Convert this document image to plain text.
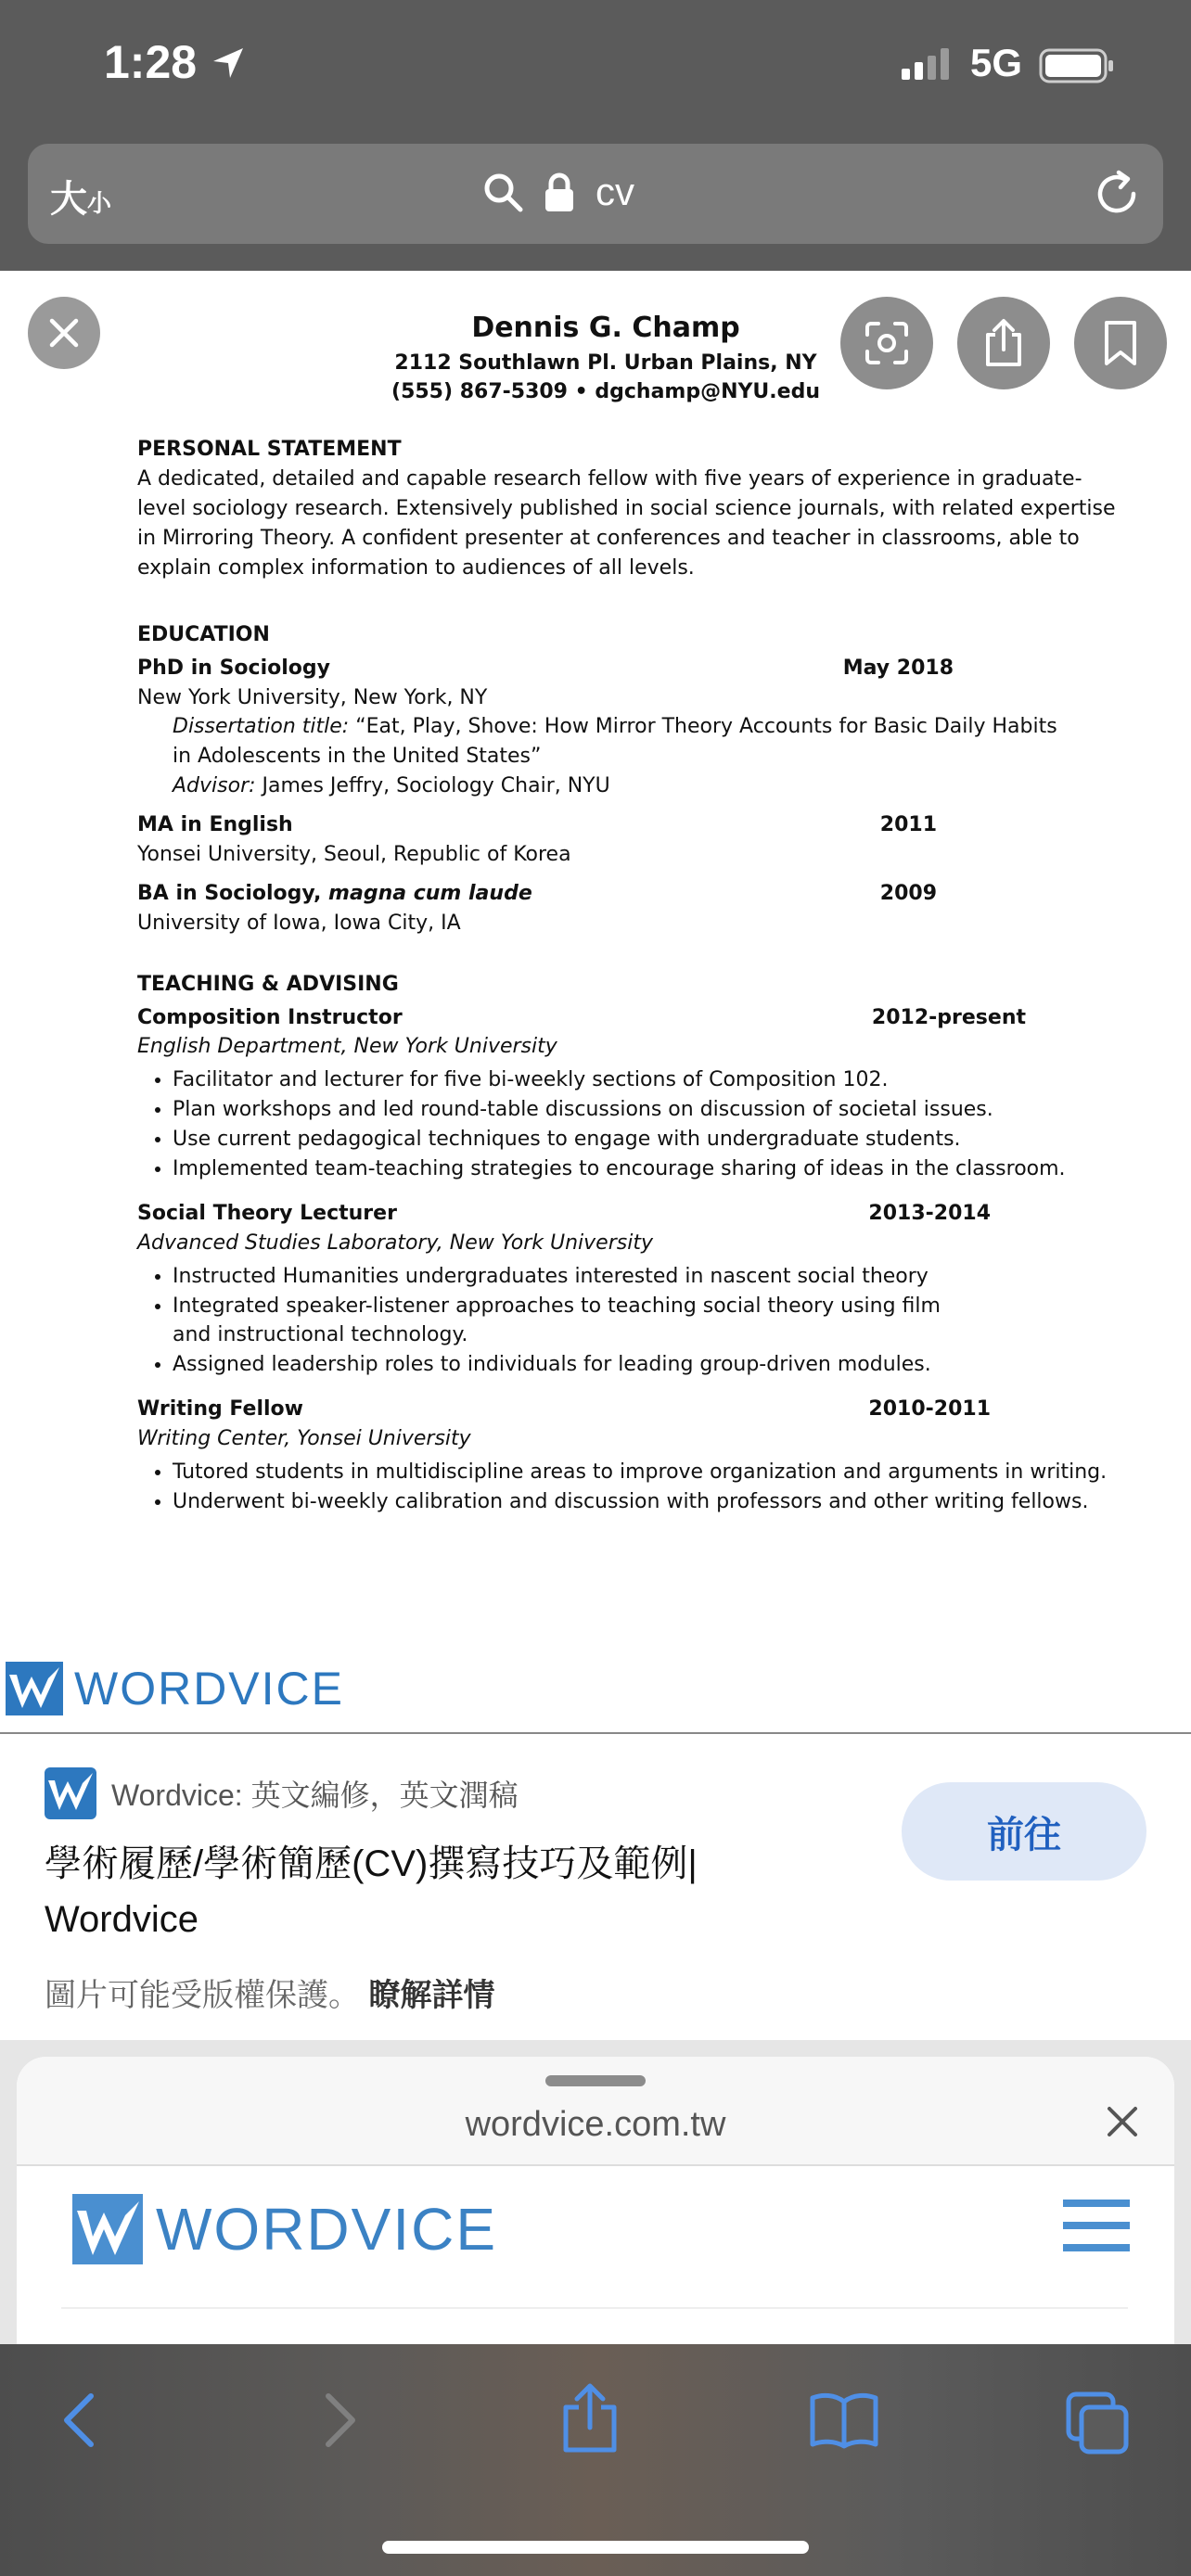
1:28	5G
大小	cv
Dennis G. Champ
2112 Southlawn Pl. Urban Plains, NY
(555) 867-5309 • dgchamp@NYU.edu
PERSONAL STATEMENT

A dedicated, detailed and capable research fellow with five years of experience in graduate-level sociology research. Extensively published in social science journals, with related expertise in Mirroring Theory. A confident presenter at conferences and teacher in classrooms, able to explain complex information to audiences of all levels.

EDUCATION
PhD in Sociology	May 2018
New York University, New York, NY
Dissertation title: “Eat, Play, Shove: How Mirror Theory Accounts for Basic Daily Habits in Adolescents in the United States”
Advisor: James Jeffry, Sociology Chair, NYU
MA in English	2011
Yonsei University, Seoul, Republic of Korea
BA in Sociology, magna cum laude	2009
University of Iowa, Iowa City, IA
TEACHING & ADVISING
Composition Instructor	2012-present
English Department, New York University
• Facilitator and lecturer for five bi-weekly sections of Composition 102.
• Plan workshops and led round-table discussions on discussion of societal issues.
• Use current pedagogical techniques to engage with undergraduate students.
• Implemented team-teaching strategies to encourage sharing of ideas in the classroom.
Social Theory Lecturer	2013-2014
Advanced Studies Laboratory, New York University
• Instructed Humanities undergraduates interested in nascent social theory
• Integrated speaker-listener approaches to teaching social theory using film and instructional technology.
• Assigned leadership roles to individuals for leading group-driven modules.
Writing Fellow	2010-2011
Writing Center, Yonsei University
• Tutored students in multidiscipline areas to improve organization and arguments in writing.
• Underwent bi-weekly calibration and discussion with professors and other writing fellows.
WORDVICE
Wordvice: 英文編修，英文潤稿
學術履歷/學術簡歷(CV)撰寫技巧及範例| Wordvice
前往
圖片可能受版權保護。 瞭解詳情
wordvice.com.tw
WORDVICE
